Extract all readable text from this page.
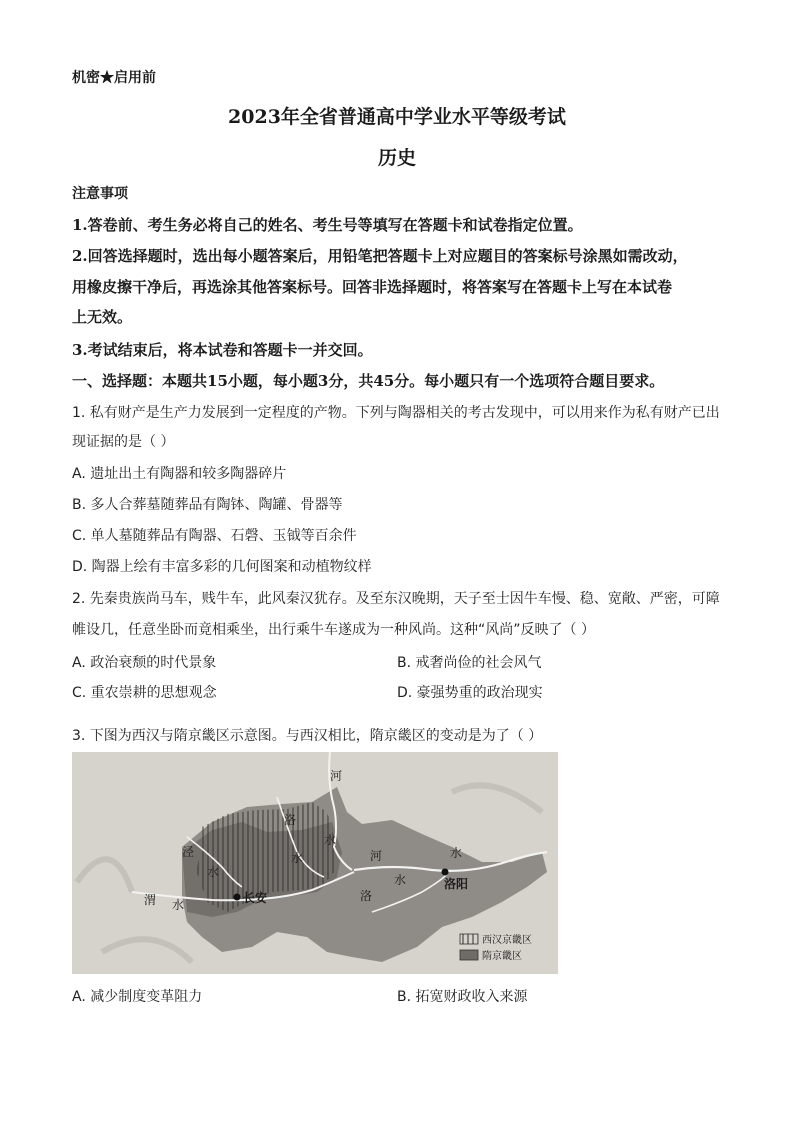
机密★启用前
2023年全省普通高中学业水平等级考试
历史
注意事项
1.答卷前、考生务必将自己的姓名、考生号等填写在答题卡和试卷指定位置。
2.回答选择题时，选出每小题答案后，用铅笔把答题卡上对应题目的答案标号涂黑如需改动，
用橡皮擦干净后，再选涂其他答案标号。回答非选择题时，将答案写在答题卡上写在本试卷
上无效。
3.考试结束后，将本试卷和答题卡一并交回。
一、选择题：本题共15小题，每小题3分，共45分。每小题只有一个选项符合题目要求。
1. 私有财产是生产力发展到一定程度的产物。下列与陶器相关的考古发现中，可以用来作为私有财产已出
现证据的是（ ）
A. 遗址出土有陶器和较多陶器碎片
B. 多人合葬墓随葬品有陶钵、陶罐、骨器等
C. 单人墓随葬品有陶器、石磬、玉钺等百余件
D. 陶器上绘有丰富多彩的几何图案和动植物纹样
2. 先秦贵族尚马车，贱牛车，此风秦汉犹存。及至东汉晚期，天子至士因牛车慢、稳、宽敞、严密，可障
帷设几，任意坐卧而竟相乘坐，出行乘牛车遂成为一种风尚。这种“风尚”反映了（ ）
A. 政治衰颓的时代景象	B. 戒奢尚俭的社会风气
C. 重农崇耕的思想观念	D. 豪强势重的政治现实
3. 下图为西汉与隋京畿区示意图。与西汉相比，隋京畿区的变动是为了（ ）
河
洛
水
泾
水
水
渭 水
河	水
洛
水
长安
洛阳
西汉京畿区
隋京畿区
A. 减少制度变革阻力	B. 拓宽财政收入来源
